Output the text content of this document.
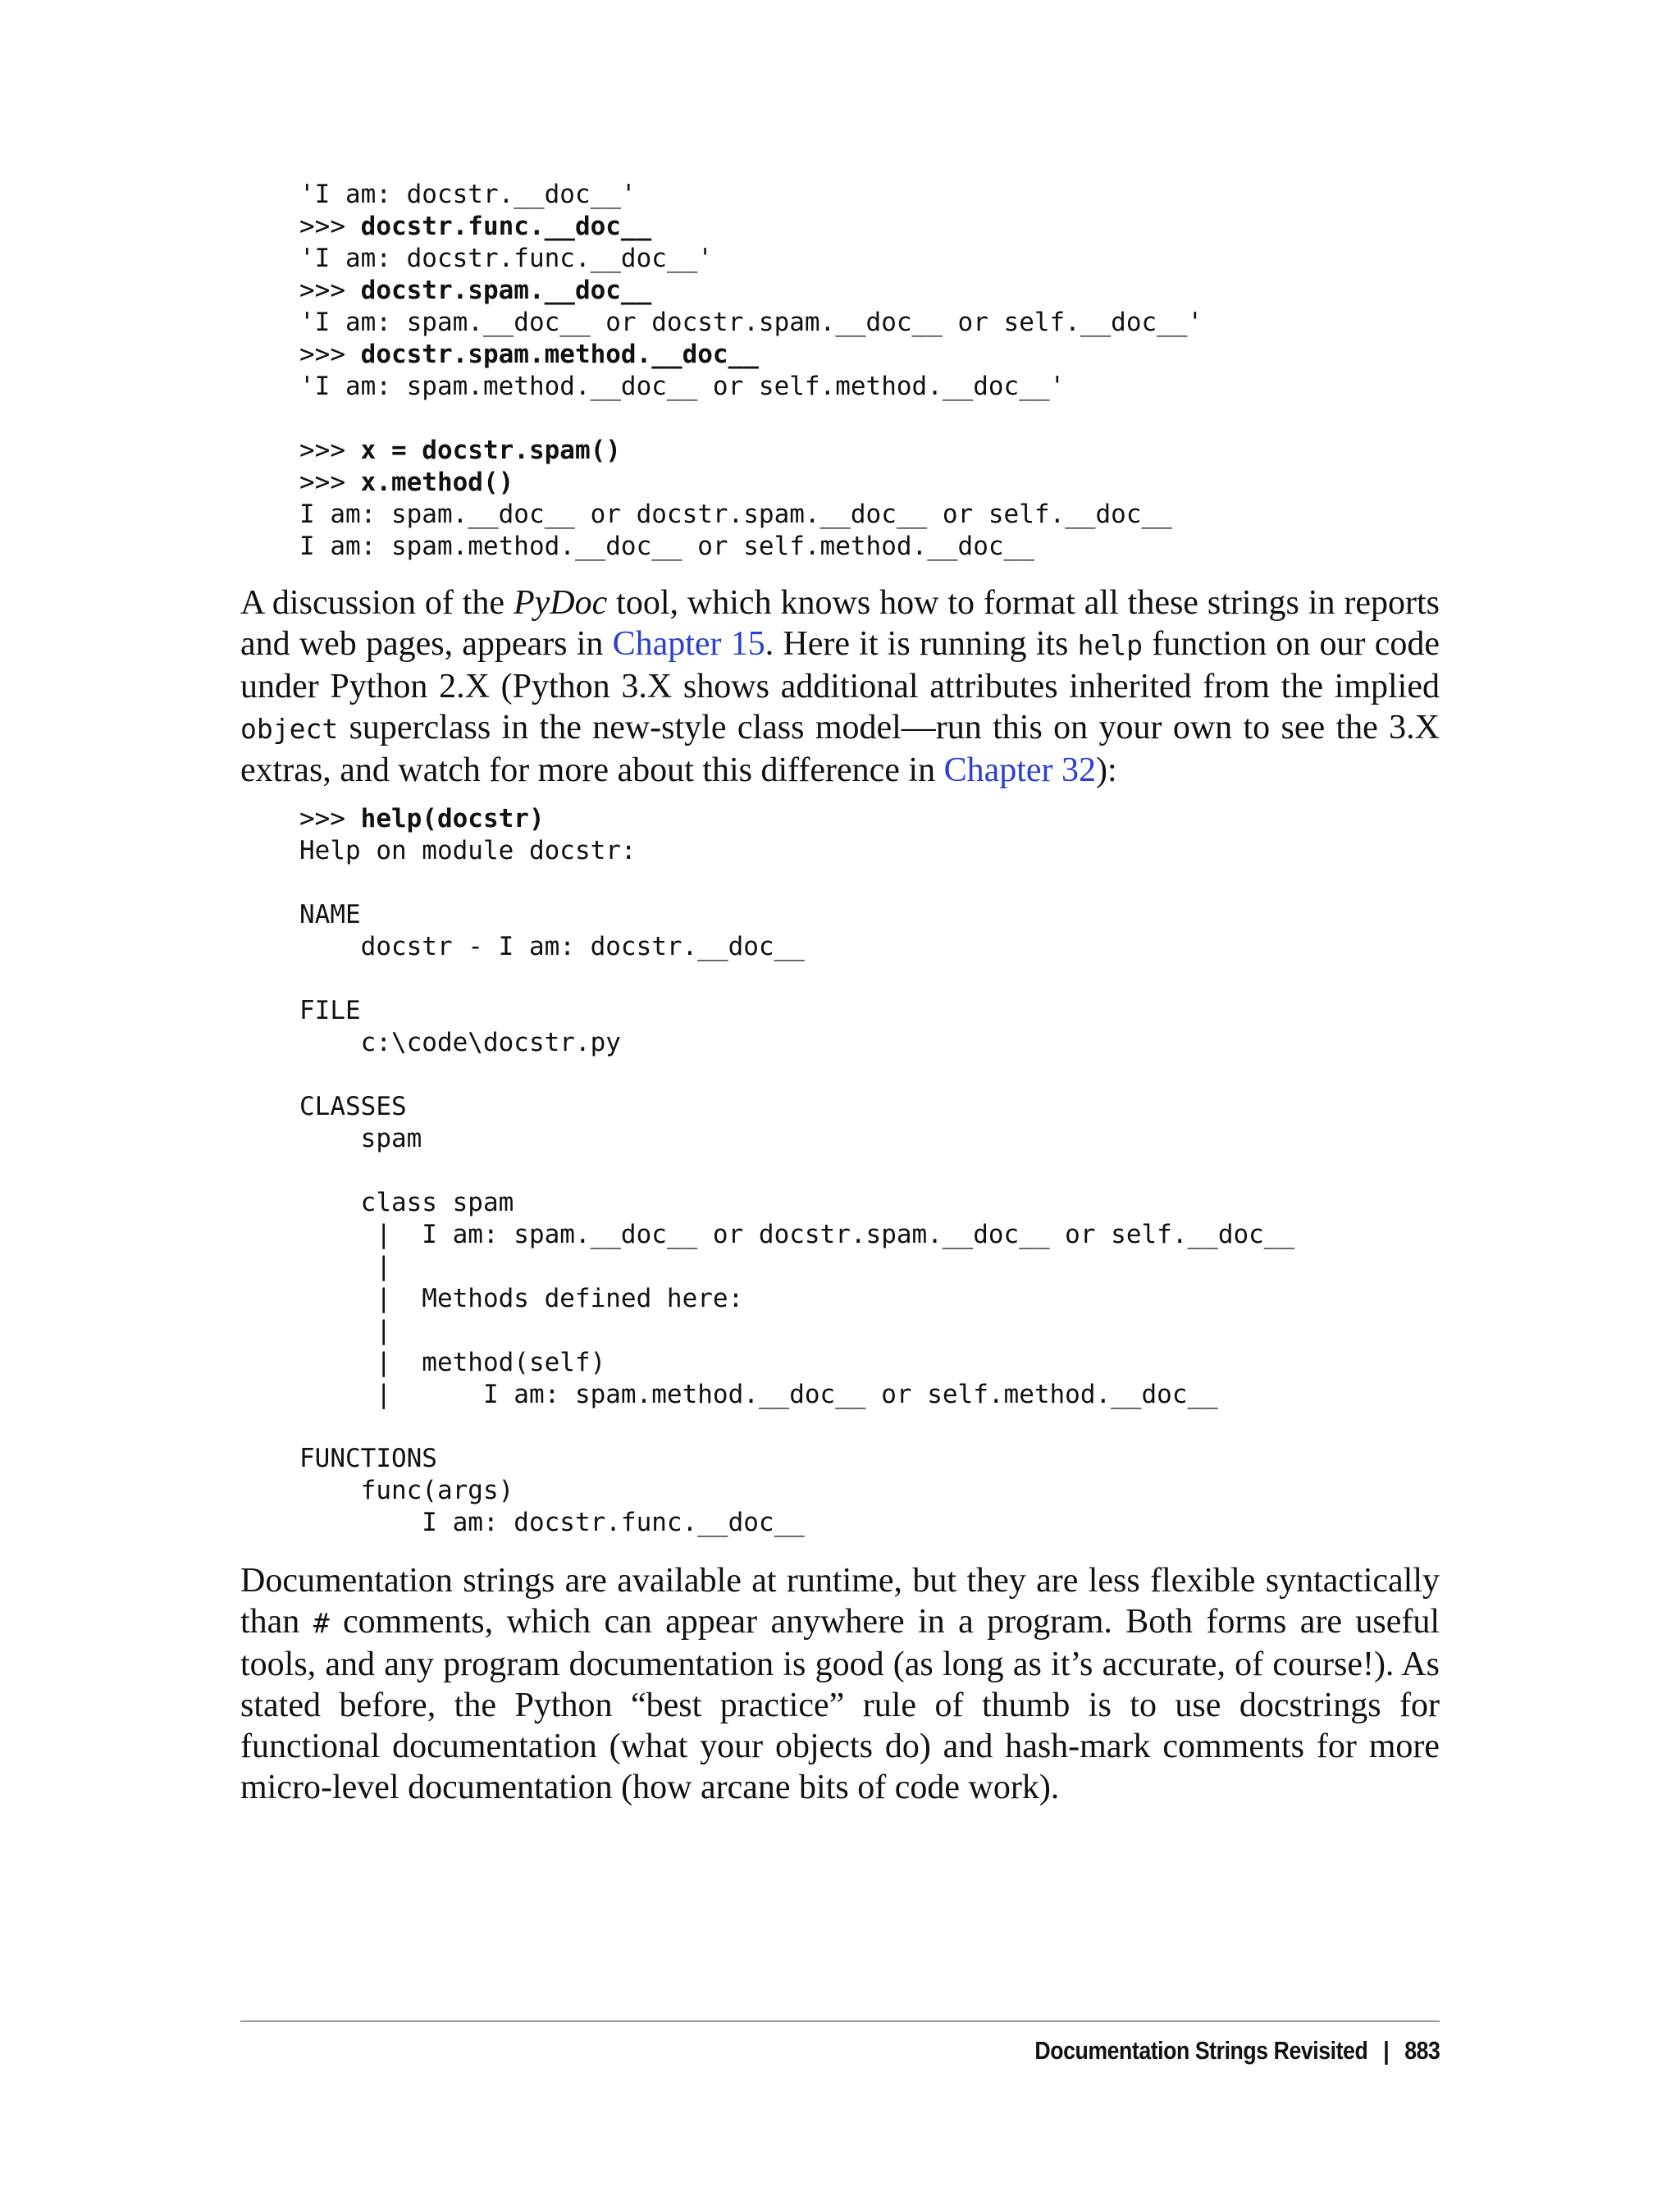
'I am: docstr.__doc__'
>>> docstr.func.__doc__
'I am: docstr.func.__doc__'
>>> docstr.spam.__doc__
'I am: spam.__doc__ or docstr.spam.__doc__ or self.__doc__'
>>> docstr.spam.method.__doc__
'I am: spam.method.__doc__ or self.method.__doc__'
>>> x = docstr.spam()
>>> x.method()
I am: spam.__doc__ or docstr.spam.__doc__ or self.__doc__
I am: spam.method.__doc__ or self.method.__doc__

A discussion of the PyDoc tool, which knows how to format all these strings in reports and web pages, appears in Chapter 15. Here it is running its help function on our code under Python 2.X (Python 3.X shows additional attributes inherited from the implied object superclass in the new-style class model—run this on your own to see the 3.X extras, and watch for more about this difference in Chapter 32):

>>> help(docstr)
Help on module docstr:
NAME
docstr - I am: docstr.__doc__
FILE
c:\code\docstr.py
CLASSES
spam
class spam
|  I am: spam.__doc__ or docstr.spam.__doc__ or self.__doc__
|
|  Methods defined here:
|
|  method(self)
|      I am: spam.method.__doc__ or self.method.__doc__
FUNCTIONS
func(args)
I am: docstr.func.__doc__

Documentation strings are available at runtime, but they are less flexible syntactically than # comments, which can appear anywhere in a program. Both forms are useful tools, and any program documentation is good (as long as it’s accurate, of course!). As stated before, the Python “best practice” rule of thumb is to use docstrings for functional documentation (what your objects do) and hash-mark comments for more micro-level documentation (how arcane bits of code work).

Documentation Strings Revisited | 883
